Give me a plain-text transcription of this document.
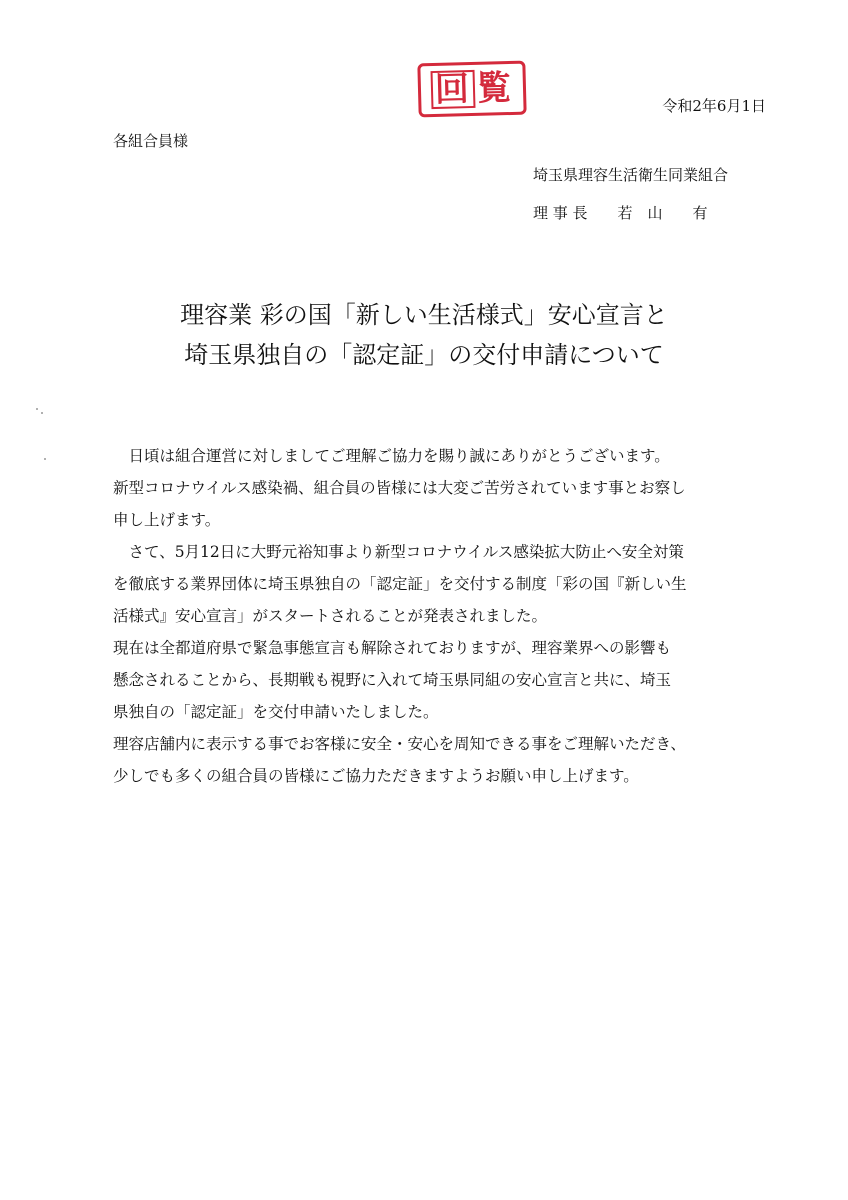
回 覧	令和2年6月1日
各組合員様
埼玉県理容生活衛生同業組合
理 事 長　　若　山　　有
理容業 彩の国「新しい生活様式」安心宣言と
埼玉県独自の「認定証」の交付申請について

　日頃は組合運営に対しましてご理解ご協力を賜り誠にありがとうございます。

新型コロナウイルス感染禍、組合員の皆様には大変ご苦労されています事とお察し

申し上げます。

　さて、5月12日に大野元裕知事より新型コロナウイルス感染拡大防止へ安全対策

を徹底する業界団体に埼玉県独自の「認定証」を交付する制度「彩の国『新しい生

活様式』安心宣言」がスタートされることが発表されました。

現在は全都道府県で緊急事態宣言も解除されておりますが、理容業界への影響も

懸念されることから、長期戦も視野に入れて埼玉県同組の安心宣言と共に、埼玉

県独自の「認定証」を交付申請いたしました。

理容店舗内に表示する事でお客様に安全・安心を周知できる事をご理解いただき、

少しでも多くの組合員の皆様にご協力ただきますようお願い申し上げます。
